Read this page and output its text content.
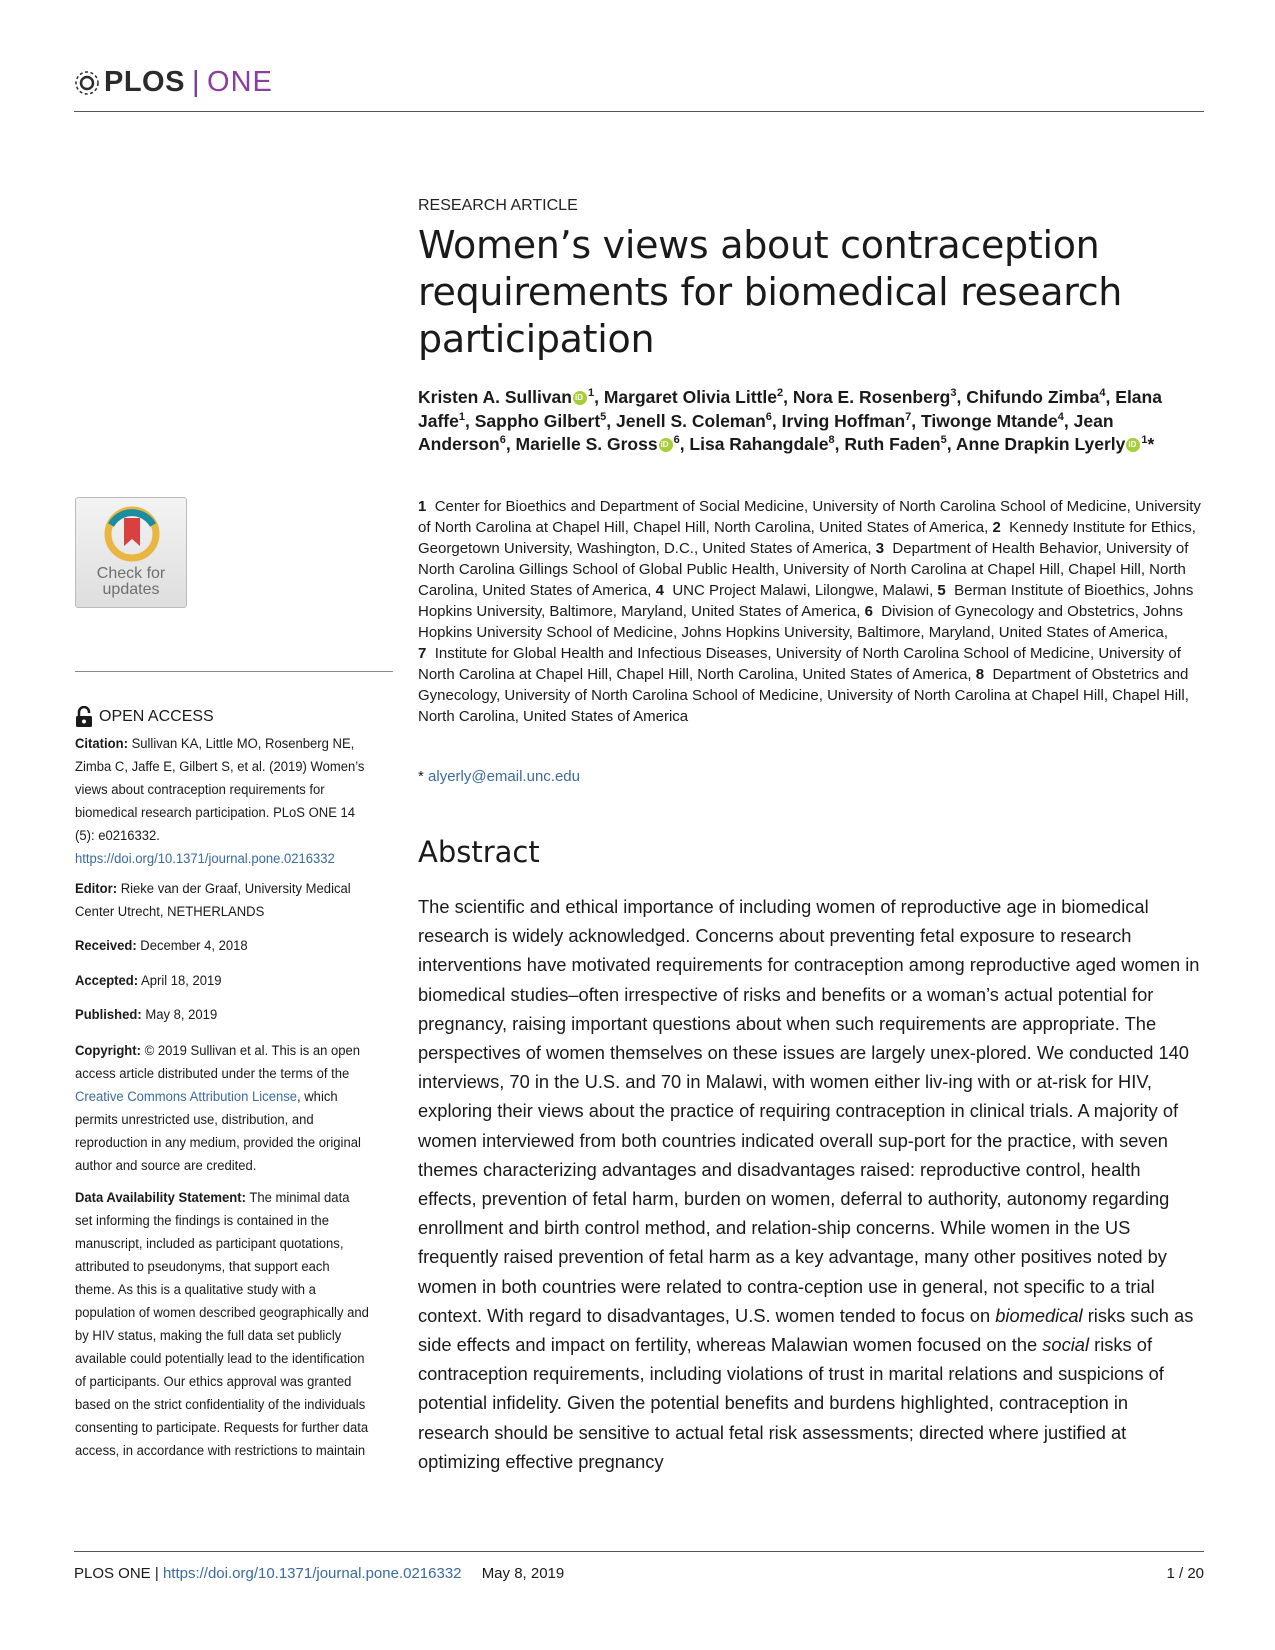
PLOS | ONE
RESEARCH ARTICLE
Women’s views about contraception requirements for biomedical research participation
Kristen A. Sullivan iD $^1$, Margaret Olivia Little$^2$, Nora E. Rosenberg$^3$, Chifundo Zimba$^4$, Elana Jaffe$^1$, Sappho Gilbert$^5$, Jenell S. Coleman$^6$, Irving Hoffman$^7$, Tiwonge Mtande$^4$, Jean Anderson$^6$, Marielle S. Gross iD $^6$, Lisa Rahangdale$^8$, Ruth Faden$^5$, Anne Drapkin Lyerly iD $^1$*
1 Center for Bioethics and Department of Social Medicine, University of North Carolina School of Medicine, University of North Carolina at Chapel Hill, Chapel Hill, North Carolina, United States of America, 2 Kennedy Institute for Ethics, Georgetown University, Washington, D.C., United States of America, 3 Department of Health Behavior, University of North Carolina Gillings School of Global Public Health, University of North Carolina at Chapel Hill, Chapel Hill, North Carolina, United States of America, 4 UNC Project Malawi, Lilongwe, Malawi, 5 Berman Institute of Bioethics, Johns Hopkins University, Baltimore, Maryland, United States of America, 6 Division of Gynecology and Obstetrics, Johns Hopkins University School of Medicine, Johns Hopkins University, Baltimore, Maryland, United States of America, 7 Institute for Global Health and Infectious Diseases, University of North Carolina School of Medicine, University of North Carolina at Chapel Hill, Chapel Hill, North Carolina, United States of America, 8 Department of Obstetrics and Gynecology, University of North Carolina School of Medicine, University of North Carolina at Chapel Hill, Chapel Hill, North Carolina, United States of America
* alyerly@email.unc.edu
Abstract
The scientific and ethical importance of including women of reproductive age in biomedical research is widely acknowledged. Concerns about preventing fetal exposure to research interventions have motivated requirements for contraception among reproductive aged women in biomedical studies–often irrespective of risks and benefits or a woman’s actual potential for pregnancy, raising important questions about when such requirements are appropriate. The perspectives of women themselves on these issues are largely unex-plored. We conducted 140 interviews, 70 in the U.S. and 70 in Malawi, with women either liv-ing with or at-risk for HIV, exploring their views about the practice of requiring contraception in clinical trials. A majority of women interviewed from both countries indicated overall sup-port for the practice, with seven themes characterizing advantages and disadvantages raised: reproductive control, health effects, prevention of fetal harm, burden on women, deferral to authority, autonomy regarding enrollment and birth control method, and relation-ship concerns. While women in the US frequently raised prevention of fetal harm as a key advantage, many other positives noted by women in both countries were related to contra-ception use in general, not specific to a trial context. With regard to disadvantages, U.S. women tended to focus on biomedical risks such as side effects and impact on fertility, whereas Malawian women focused on the social risks of contraception requirements, including violations of trust in marital relations and suspicions of potential infidelity. Given the potential benefits and burdens highlighted, contraception in research should be sensitive to actual fetal risk assessments; directed where justified at optimizing effective pregnancy
Check for
updates
OPEN ACCESS
Citation: Sullivan KA, Little MO, Rosenberg NE, Zimba C, Jaffe E, Gilbert S, et al. (2019) Women’s views about contraception requirements for biomedical research participation. PLoS ONE 14 (5): e0216332. https://doi.org/10.1371/journal.pone.0216332
Editor: Rieke van der Graaf, University Medical Center Utrecht, NETHERLANDS
Received: December 4, 2018
Accepted: April 18, 2019
Published: May 8, 2019
Copyright: © 2019 Sullivan et al. This is an open access article distributed under the terms of the Creative Commons Attribution License, which permits unrestricted use, distribution, and reproduction in any medium, provided the original author and source are credited.
Data Availability Statement: The minimal data set informing the findings is contained in the manuscript, included as participant quotations, attributed to pseudonyms, that support each theme. As this is a qualitative study with a population of women described geographically and by HIV status, making the full data set publicly available could potentially lead to the identification of participants. Our ethics approval was granted based on the strict confidentiality of the individuals consenting to participate. Requests for further data access, in accordance with restrictions to maintain
PLOS ONE | https://doi.org/10.1371/journal.pone.0216332 May 8, 2019	1 / 20
